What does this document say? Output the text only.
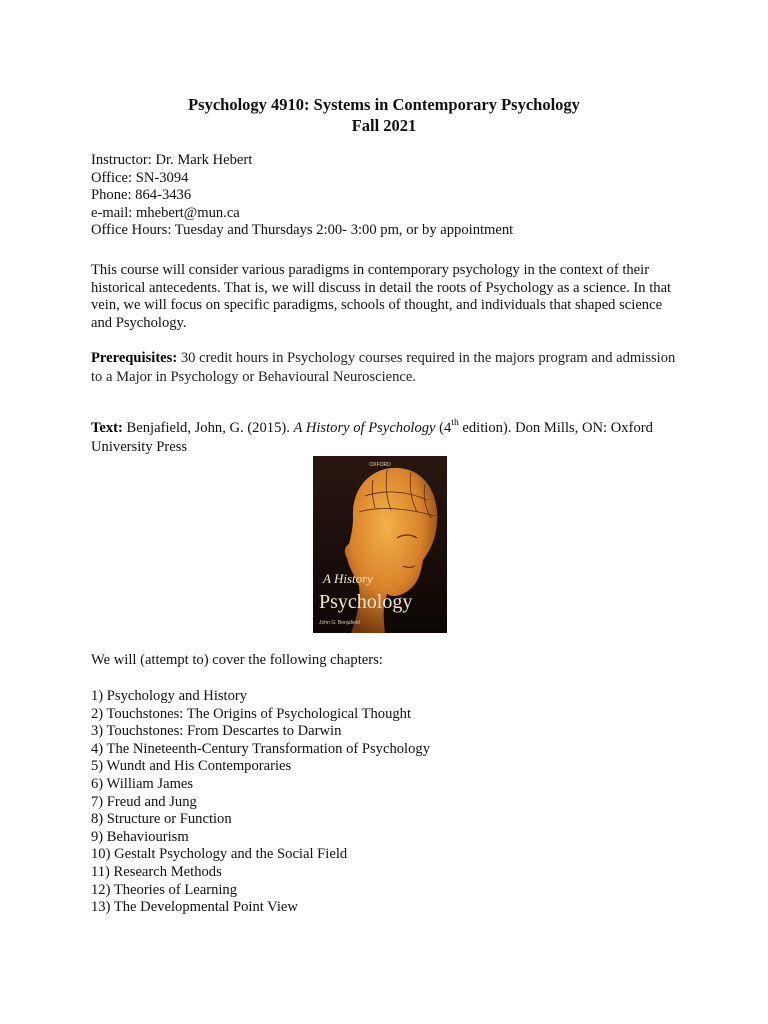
Psychology 4910: Systems in Contemporary Psychology
Fall 2021
Instructor: Dr. Mark Hebert
Office: SN-3094
Phone: 864-3436
e-mail: mhebert@mun.ca
Office Hours: Tuesday and Thursdays 2:00- 3:00 pm, or by appointment
This course will consider various paradigms in contemporary psychology in the context of their historical antecedents. That is, we will discuss in detail the roots of Psychology as a science. In that vein, we will focus on specific paradigms, schools of thought, and individuals that shaped science and Psychology.
Prerequisites: 30 credit hours in Psychology courses required in the majors program and admission to a Major in Psychology or Behavioural Neuroscience.
Text: Benjafield, John, G. (2015). A History of Psychology (4th edition). Don Mills, ON: Oxford University Press
OXFORD
A History
Psychology
John G. Benjafield
We will (attempt to) cover the following chapters:
1) Psychology and History
2) Touchstones: The Origins of Psychological Thought
3) Touchstones: From Descartes to Darwin
4) The Nineteenth-Century Transformation of Psychology
5) Wundt and His Contemporaries
6) William James
7) Freud and Jung
8) Structure or Function
9) Behaviourism
10) Gestalt Psychology and the Social Field
11) Research Methods
12) Theories of Learning
13) The Developmental Point View
